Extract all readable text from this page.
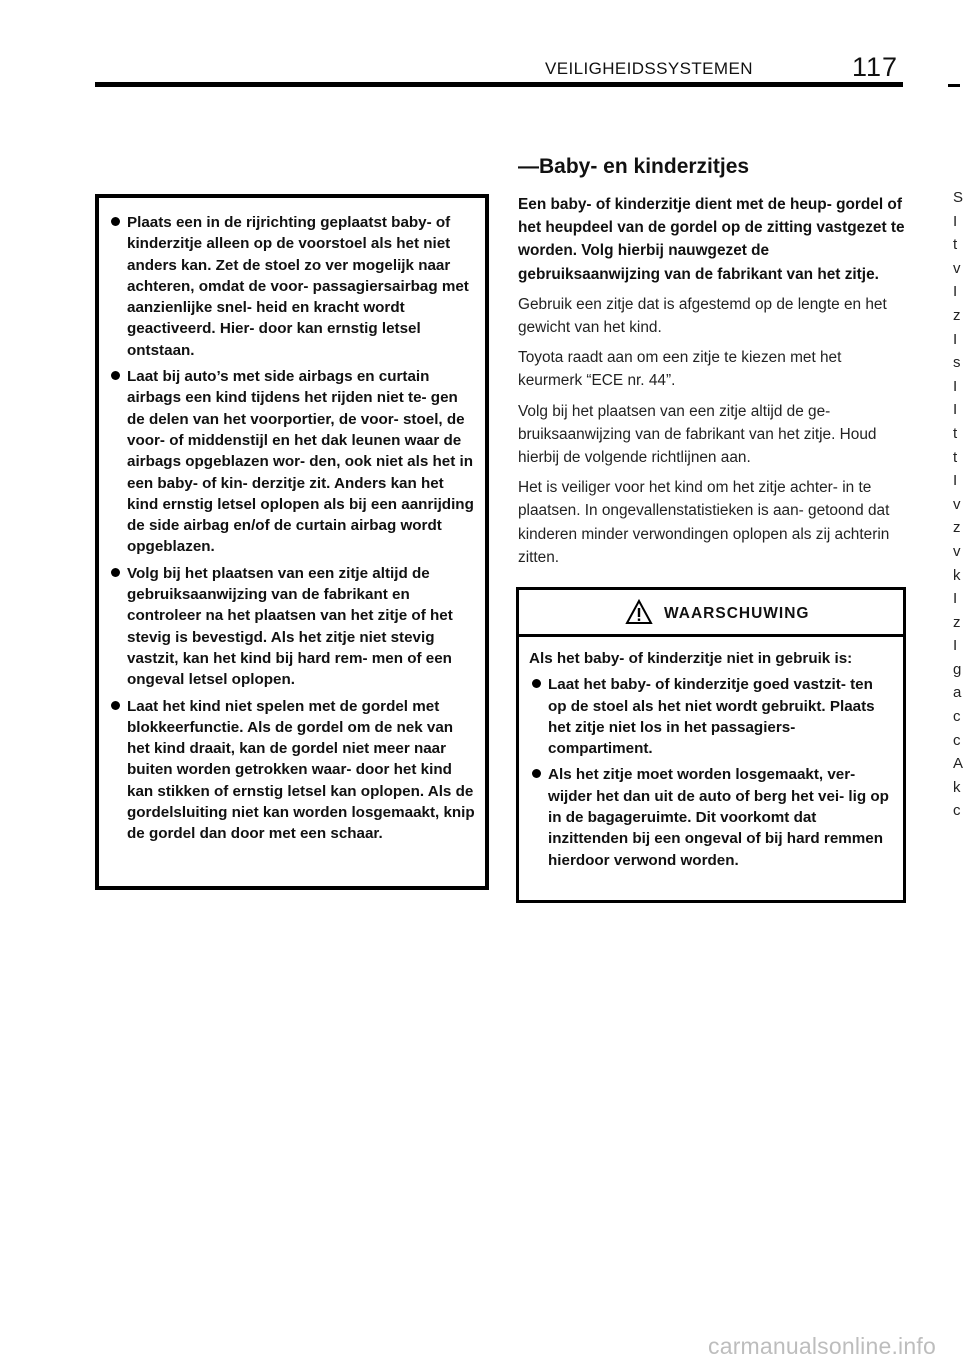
VEILIGHEIDSSYSTEMEN	117
Plaats een in de rijrichting geplaatst baby- of kinderzitje alleen op de voorstoel als het niet anders kan. Zet de stoel zo ver mogelijk naar achteren, omdat de voor- passagiersairbag met aanzienlijke snel- heid en kracht wordt geactiveerd. Hier- door kan ernstig letsel ontstaan.
Laat bij auto’s met side airbags en curtain airbags een kind tijdens het rijden niet te- gen de delen van het voorportier, de voor- stoel, de voor- of middenstijl en het dak leunen waar de airbags opgeblazen wor- den, ook niet als het in een baby- of kin- derzitje zit. Anders kan het kind ernstig letsel oplopen als bij een aanrijding de side airbag en/of de curtain airbag wordt opgeblazen.
Volg bij het plaatsen van een zitje altijd de gebruiksaanwijzing van de fabrikant en controleer na het plaatsen van het zitje of het stevig is bevestigd. Als het zitje niet stevig vastzit, kan het kind bij hard rem- men of een ongeval letsel oplopen.
Laat het kind niet spelen met de gordel met blokkeerfunctie. Als de gordel om de nek van het kind draait, kan de gordel niet meer naar buiten worden getrokken waar- door het kind kan stikken of ernstig letsel kan oplopen. Als de gordelsluiting niet kan worden losgemaakt, knip de gordel dan door met een schaar.
—Baby- en kinderzitjes

Een baby- of kinderzitje dient met de heup- gordel of het heupdeel van de gordel op de zitting vastgezet te worden. Volg hierbij nauwgezet de gebruiksaanwijzing van de fabrikant van het zitje.

Gebruik een zitje dat is afgestemd op de lengte en het gewicht van het kind.

Toyota raadt aan om een zitje te kiezen met het keurmerk “ECE nr. 44”.

Volg bij het plaatsen van een zitje altijd de ge- bruiksaanwijzing van de fabrikant van het zitje. Houd hierbij de volgende richtlijnen aan.

Het is veiliger voor het kind om het zitje achter- in te plaatsen. In ongevallenstatistieken is aan- getoond dat kinderen minder verwondingen oplopen als zij achterin zitten.

WAARSCHUWING
Als het baby- of kinderzitje niet in gebruik is:
Laat het baby- of kinderzitje goed vastzit- ten op de stoel als het niet wordt gebruikt. Plaats het zitje niet los in het passagiers- compartiment.
Als het zitje moet worden losgemaakt, ver- wijder het dan uit de auto of berg het vei- lig op in de bagageruimte. Dit voorkomt dat inzittenden bij een ongeval of bij hard remmen hierdoor verwond worden.
S
I
t
v
I
z
I
s
I
I
t
t
I
v
z
v
k
I
z
I
g
a
c
c
A
k
c
carmanualsonline.info
